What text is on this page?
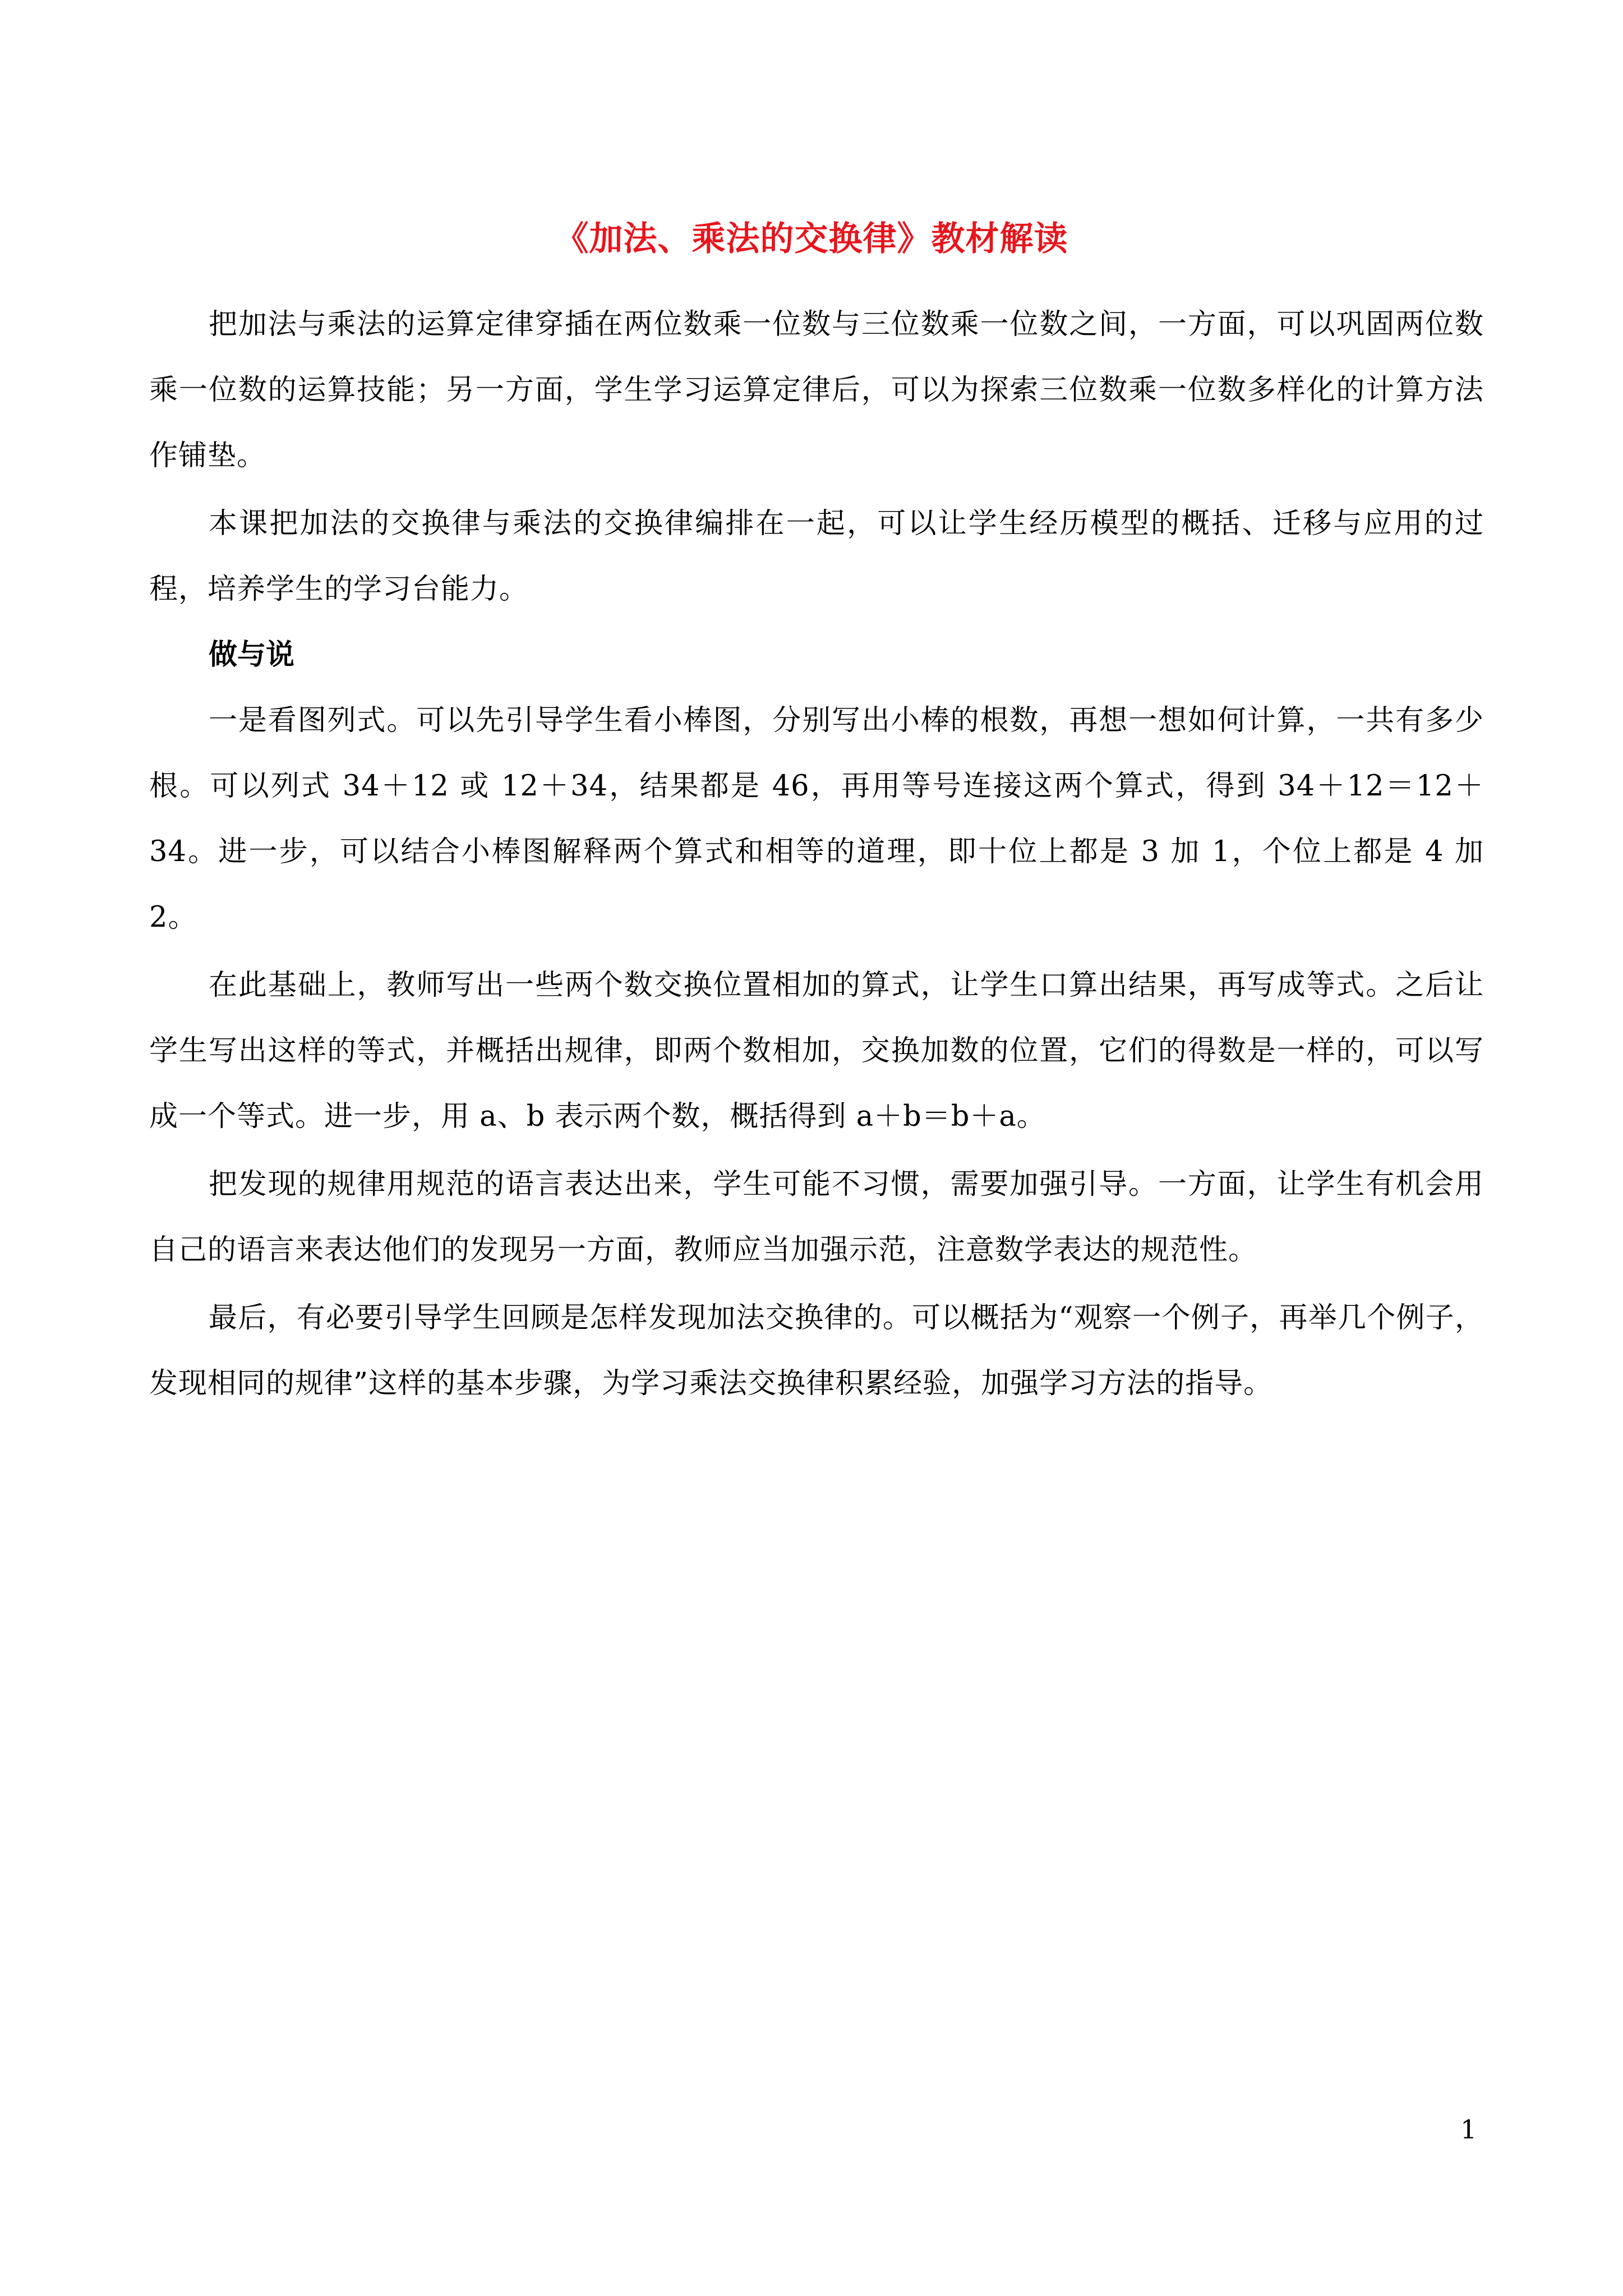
《加法、乘法的交换律》教材解读

把加法与乘法的运算定律穿插在两位数乘一位数与三位数乘一位数之间，一方面，可以巩固两位数乘一位数的运算技能；另一方面，学生学习运算定律后，可以为探索三位数乘一位数多样化的计算方法作铺垫。

本课把加法的交换律与乘法的交换律编排在一起，可以让学生经历模型的概括、迁移与应用的过程，培养学生的学习台能力。

做与说

一是看图列式。可以先引导学生看小棒图，分别写出小棒的根数，再想一想如何计算，一共有多少根。可以列式 34＋12 或 12＋34，结果都是 46，再用等号连接这两个算式，得到 34＋12＝12＋34。进一步，可以结合小棒图解释两个算式和相等的道理，即十位上都是 3 加 1，个位上都是 4 加 2。

在此基础上，教师写出一些两个数交换位置相加的算式，让学生口算出结果，再写成等式。之后让学生写出这样的等式，并概括出规律，即两个数相加，交换加数的位置，它们的得数是一样的，可以写成一个等式。进一步，用 a、b 表示两个数，概括得到 a＋b＝b＋a。

把发现的规律用规范的语言表达出来，学生可能不习惯，需要加强引导。一方面，让学生有机会用自己的语言来表达他们的发现另一方面，教师应当加强示范，注意数学表达的规范性。

最后，有必要引导学生回顾是怎样发现加法交换律的。可以概括为“观察一个例子，再举几个例子，发现相同的规律”这样的基本步骤，为学习乘法交换律积累经验，加强学习方法的指导。

1
